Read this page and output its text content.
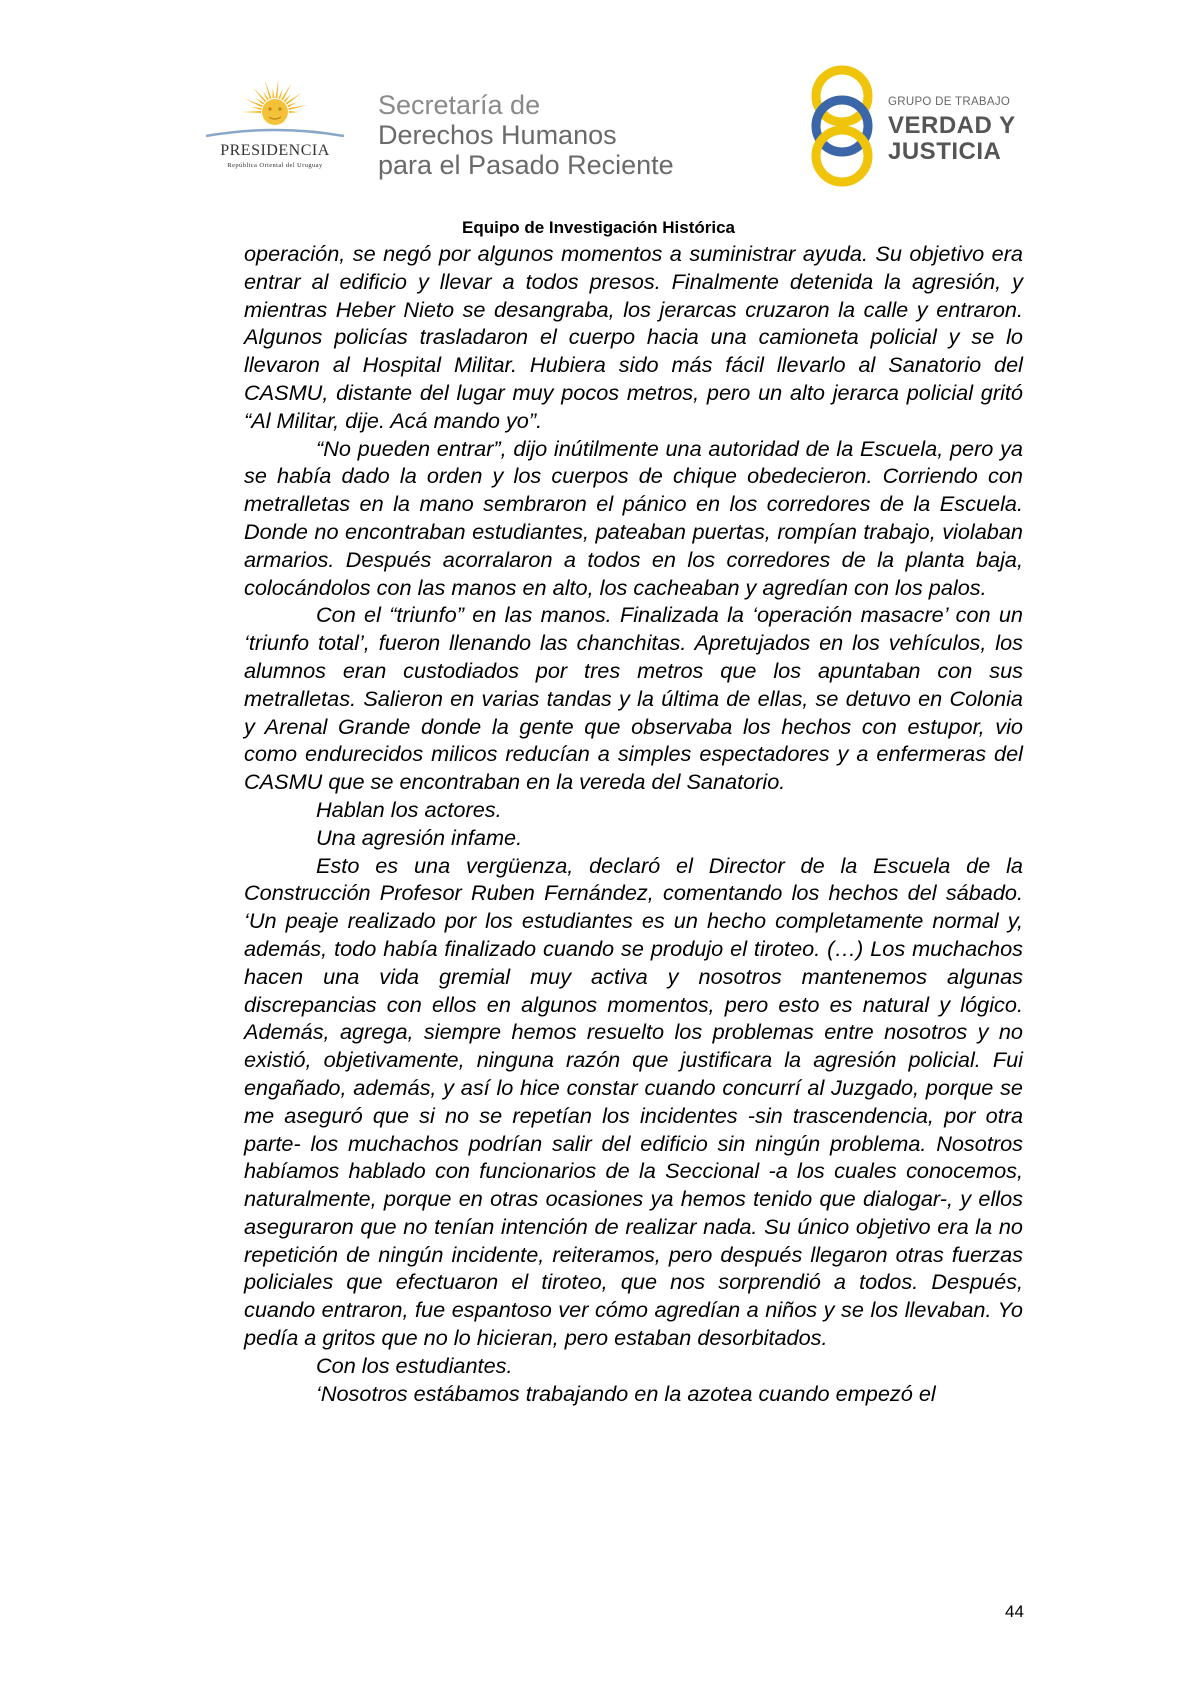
PRESIDENCIA
República Oriental del Uruguay
Secretaría de
Derechos Humanos
para el Pasado Reciente
GRUPO DE TRABAJO
VERDAD Y
JUSTICIA
Equipo de Investigación Histórica

operación, se negó por algunos momentos a suministrar ayuda. Su objetivo era entrar al edificio y llevar a todos presos. Finalmente detenida la agresión, y mientras Heber Nieto se desangraba, los jerarcas cruzaron la calle y entraron. Algunos policías trasladaron el cuerpo hacia una camioneta policial y se lo llevaron al Hospital Militar. Hubiera sido más fácil llevarlo al Sanatorio del CASMU, distante del lugar muy pocos metros, pero un alto jerarca policial gritó “Al Militar, dije. Acá mando yo”.

“No pueden entrar”, dijo inútilmente una autoridad de la Escuela, pero ya se había dado la orden y los cuerpos de chique obedecieron. Corriendo con metralletas en la mano sembraron el pánico en los corredores de la Escuela. Donde no encontraban estudiantes, pateaban puertas, rompían trabajo, violaban armarios. Después acorralaron a todos en los corredores de la planta baja, colocándolos con las manos en alto, los cacheaban y agredían con los palos.

Con el “triunfo” en las manos. Finalizada la ‘operación masacre’ con un ‘triunfo total’, fueron llenando las chanchitas. Apretujados en los vehículos, los alumnos eran custodiados por tres metros que los apuntaban con sus metralletas. Salieron en varias tandas y la última de ellas, se detuvo en Colonia y Arenal Grande donde la gente que observaba los hechos con estupor, vio como endurecidos milicos reducían a simples espectadores y a enfermeras del CASMU que se encontraban en la vereda del Sanatorio.

Hablan los actores.

Una agresión infame.

Esto es una vergüenza, declaró el Director de la Escuela de la Construcción Profesor Ruben Fernández, comentando los hechos del sábado. ‘Un peaje realizado por los estudiantes es un hecho completamente normal y, además, todo había finalizado cuando se produjo el tiroteo. (…) Los muchachos hacen una vida gremial muy activa y nosotros mantenemos algunas discrepancias con ellos en algunos momentos, pero esto es natural y lógico. Además, agrega, siempre hemos resuelto los problemas entre nosotros y no existió, objetivamente, ninguna razón que justificara la agresión policial. Fui engañado, además, y así lo hice constar cuando concurrí al Juzgado, porque se me aseguró que si no se repetían los incidentes -sin trascendencia, por otra parte- los muchachos podrían salir del edificio sin ningún problema. Nosotros habíamos hablado con funcionarios de la Seccional -a los cuales conocemos, naturalmente, porque en otras ocasiones ya hemos tenido que dialogar-, y ellos aseguraron que no tenían intención de realizar nada. Su único objetivo era la no repetición de ningún incidente, reiteramos, pero después llegaron otras fuerzas policiales que efectuaron el tiroteo, que nos sorprendió a todos. Después, cuando entraron, fue espantoso ver cómo agredían a niños y se los llevaban. Yo pedía a gritos que no lo hicieran, pero estaban desorbitados.

Con los estudiantes.

‘Nosotros estábamos trabajando en la azotea cuando empezó el

44
